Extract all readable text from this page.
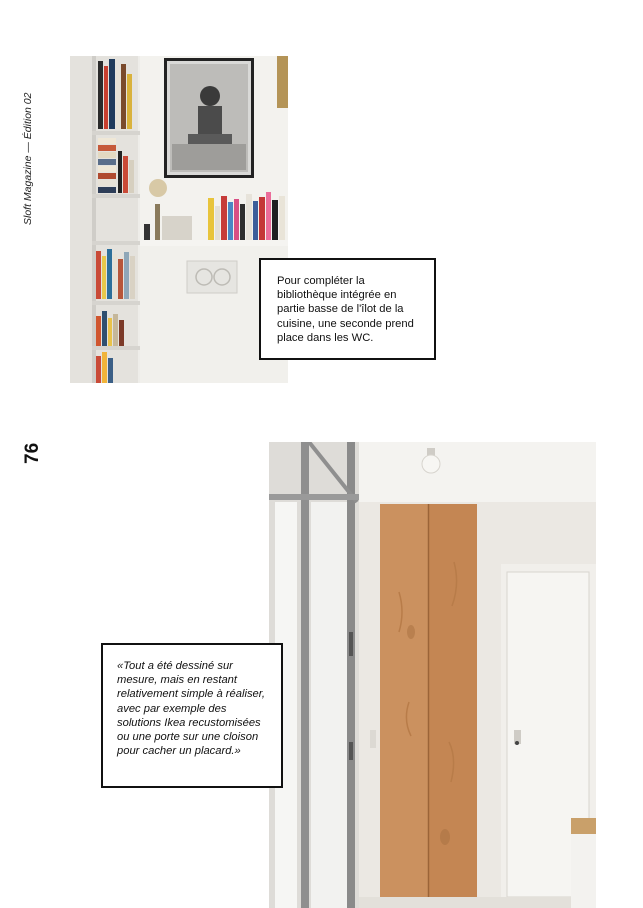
Sloft Magazine — Édition 02
76
Pour compléter la bibliothèque intégrée en partie basse de l'îlot de la cuisine, une seconde prend place dans les WC.
«Tout a été dessiné sur mesure, mais en restant relativement simple à réaliser, avec par exemple des solutions Ikea recustomisées ou une porte sur une cloison pour cacher un placard.»
